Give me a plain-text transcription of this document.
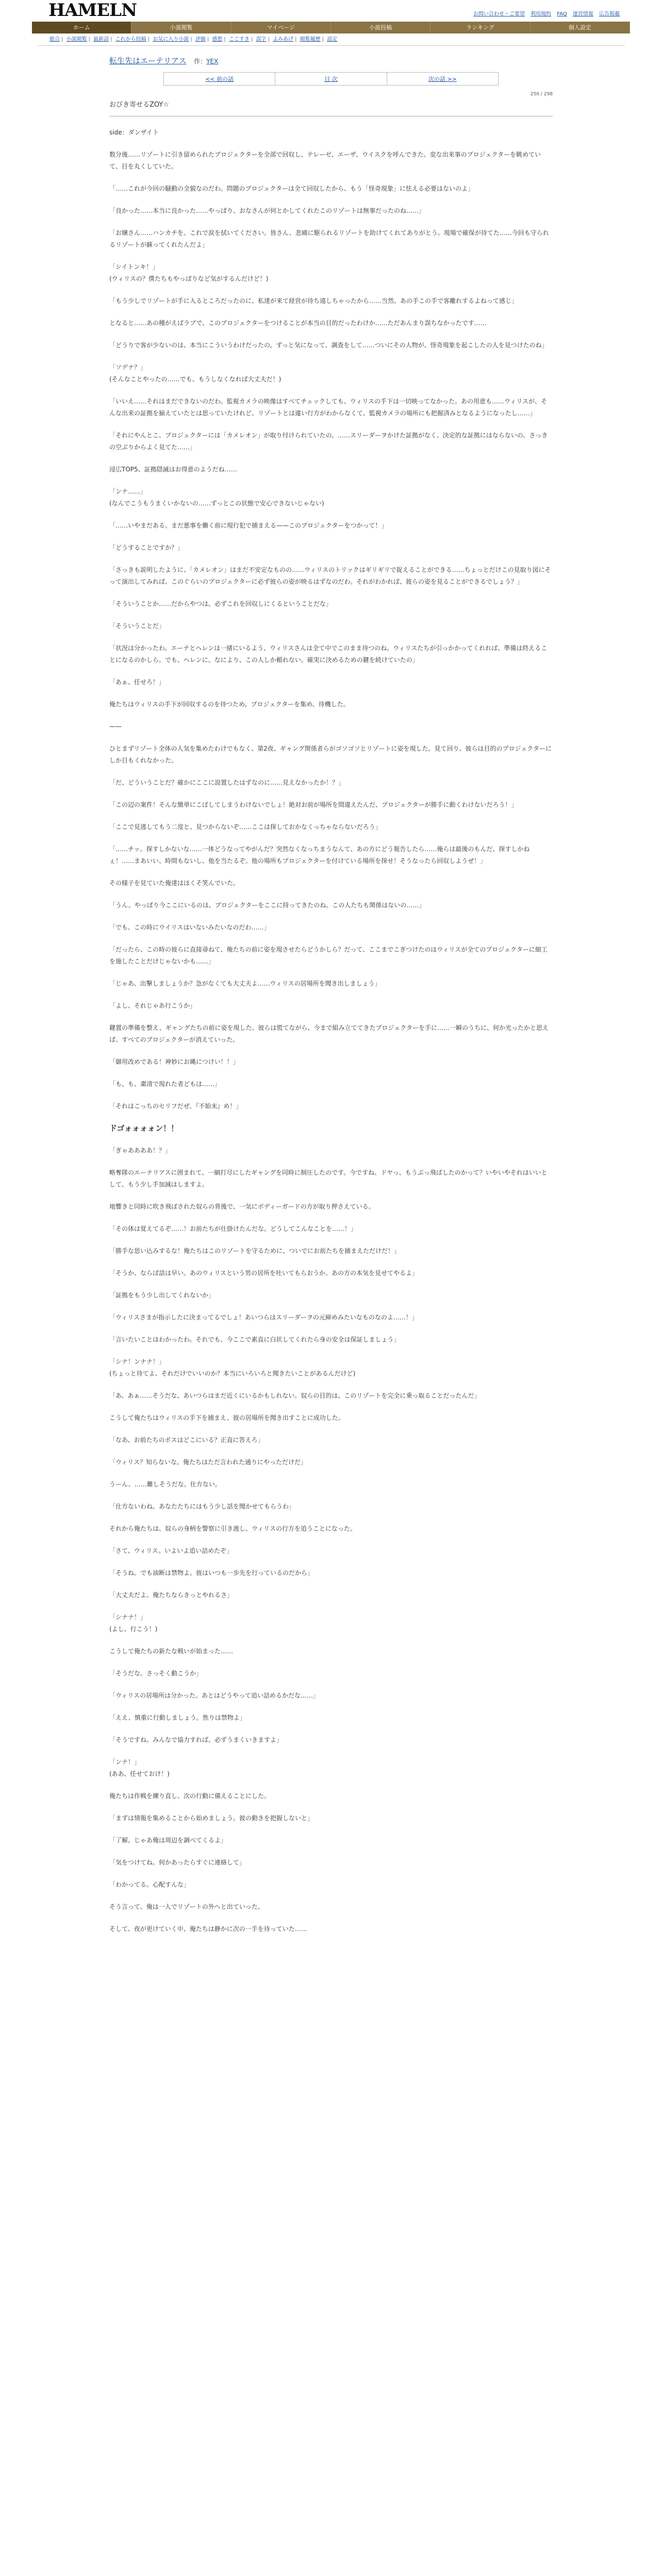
HAMELN	お問い合わせ・ご要望 利用規約 FAQ 運営情報 広告掲載
ホーム	小説閲覧	マイページ	小説投稿	ランキング	個人設定
総合 | 小説閲覧 | 最新話 | これから投稿 | お気に入り小説 | 評価 | 感想 | ここすき | 誤字 | よみあげ | 閲覧履歴 | 設定
転生先はエーテリアス 作：YEX
<< 前の話	目 次	次の話 >>
250 / 298
おびき寄せるZOY☆

side：ダンザイト

数分後……リゾートに引き留められたプロジェクターを全部で回収し、テレーゼ、エーザ、ウイスクを呼んできた。変な出来事のプロジェクターを眺めていて、目を丸くしていた。

「……これが今回の騒動の全貌なのだわ。問題のプロジェクターは全て回収したから、もう「怪奇現象」に怯える必要はないのよ」

「良かった……本当に良かった……やっぱり、おなさんが何とかしてくれたこのリゾートは無事だったのね……」

「お嬢さん……ハンカチを。これで涙を拭いてください。皆さん、悲痛に駆られるリゾートを助けてくれてありがとう。現場で確保が待てた……今回も守られるリゾートが蘇ってくれたんだよ」

「シイトンキ！」
(ウィリスの？僕たちもやっぱりなど気がするんだけど！)

「もう少しでリゾートが手に入るところだったのに、私達が来て経営が待ち遠しちゃったから……当然、あの手この手で客離れするよねって感じ」

となると……あの種がえばラブで、このプロジェクターをつけることが本当の目的だったわけか……ただあんまり誤ちなかったです……

「どうりで客が少ないのは、本当にこういうわけだったの。ずっと気になって、調査をして……ついにその人物が、怪奇現象を起こしたの人を見つけたのね」

「ソデナ？」
(そんなことやったの……でも、もうしなくなれば大丈夫だ！)

「いいえ……それはまだできないのだわ。監視カメラの映像はすべてチェックしても、ウィリスの手下は一切映ってなかった。あの用意も……ウィリスが、そんな出来の証拠を揃えていたとは思っていたけれど、リゾートとは違い行方がわからなくて、監視カメラの場所にも把握済みとなるようになったし……」

「それにやんとこ、プロジェクターには「カメレオン」が取り付けられていたの。……スリーダーヲかけた証拠がなく、決定的な証拠にはならないの。さっきの空ぶりからよく見てた……」

浸広TOP5、証拠隠滅はお得意のようだね……

「ンナ……」
(なんでこうもうまくいかないの……ずっとこの状態で安心できないじゃない)

「……いやまだある。まだ悪事を働く前に現行犯で捕まえる——このプロジェクターをつかって！」

「どうすることですか？」

「さっきも説明したように、「カメレオン」はまだ不安定なものの……ウィリスのトリックはギリギリで捉えることができる……ちょっとだけこの見取り図にそって演出してみれば、このぐらいのプロジェクターに必ず彼らの姿が映るはずなのだわ。それがわかれば、彼らの姿を見ることができるでしょう？」

「そういうことか……だからやつは、必ずこれを回収しにくるということだな」

「そういうことだ」

「状況は分かったわ。エーテとヘレンは一緒にいるよう、ウィリスさんは全て中でこのまま待つのね。ウィリスたちが引っかかってくれれば、準備は終えることになるのかしら。でも、ヘレンに、なにより、この人しか頼れない。確実に決めるための鍵を続けていたの」

「あぁ、任せろ！」

俺たちはウィリスの手下が回収するのを待つため、プロジェクターを集め、待機した。

——

ひとまずリゾート全体の人気を集めたわけでもなく、第2夜、ギャング関係者らがゴソゴソとリゾートに姿を現した。見て回り、彼らは目的のプロジェクターにしか目もくれなかった。

「だ、どういうことだ？確かにここに設置したはずなのに……見えなかったか！？」

「この辺の案件！そんな簡単にこぼしてしまうわけないでしょ！絶対お前が場所を間違えたんだ、プロジェクターが勝手に動くわけないだろう！」

「ここで見逃してもう二度と、見つからないぞ……ここは探しておかなくっちゃならないだろう」

「……チッ。探すしかないな……一体どうなってやがんだ？突然なくなっちまうなんて、あの方にどう報告したら……俺らは最後のもんだ、探すしかねぇ！……まあいい、時間もないし、他を当たるぞ。他の場所もプロジェクターを付けている場所を探せ！そうなったら回収しようぜ！」

その様子を見ていた俺達はほくそ笑んでいた。

「うん。やっぱり今ここにいるのは、プロジェクターをここに持ってきたのね。この人たちも関係はないの……」

「でも、この時にウイリスはいないみたいなのだわ……」

「だったら、この時の彼らに直接尋ねて、俺たちの前に姿を現させたらどうかしら？だって、ここまでこぎつけたのはウィリスが全てのプロジェクターに細工を施したことだけじゃないかも……」

「じゃあ、出撃しましょうか？急がなくても大丈夫よ……ウィリスの居場所を聞き出しましょう」

「よし、それじゃあ行こうか」

鍵置の準備を整え、ギャングたちの前に姿を現した。彼らは慌てながら、今まで組み立ててきたプロジェクターを手に……一瞬のうちに、何か光ったかと思えば、すべてのプロジェクターが消えていった。

「御用改めである！神妙にお縄につけい！！」

「も、も、粛清で現れた者どもは……」

「それはこっちのセリフだぜ、『不始末』め！」

ドゴォォォォン！！

「ぎゃああああ！？」

略奪隊のエーテリアスに囲まれて、一網打尽にしたギャングを同時に制圧したのです。今ですね、ドヤっ、もうぶっ飛ばしたのかって？いやいやそれはいいとして、もう少し手加減はしますよ。

地響きと同時に吹き飛ばされた奴らの背後で、一気にボディーガードの方が取り押さえている。

「その体は覚えてるぞ……！お前たちが仕掛けたんだな。どうしてこんなことを……！」

「勝手な思い込みするな！俺たちはこのリゾートを守るために、ついでにお前たちを捕まえただけだ！」

「そうか、ならば話は早い。あのウィリスという男の居所を吐いてもらおうか。あの方の本気を見せてやるよ」

「証拠をもう少し出してくれないか」

「ウィリスさまが指示したに決まってるでしょ！あいつらはスリーダーヲの元締めみたいなものなのよ……！」

「言いたいことはわかったわ。それでも、今ここで素直に白状してくれたら身の安全は保証しましょう」

「シナ！ンナナ！」
(ちょっと待てよ、それだけでいいのか？本当にいろいろと聞きたいことがあるんだけど)

「あ、あぁ……そうだな、あいつらはまだ近くにいるかもしれない。奴らの目的は、このリゾートを完全に乗っ取ることだったんだ」

こうして俺たちはウィリスの手下を捕まえ、彼の居場所を聞き出すことに成功した。

「なあ、お前たちのボスはどこにいる？正直に答えろ」

「ウィリス？知らないな。俺たちはただ言われた通りにやっただけだ」

うーん、……難しそうだな。仕方ない。

「仕方ないわね。あなたたちにはもう少し話を聞かせてもらうわ」

それから俺たちは、奴らの身柄を警察に引き渡し、ウィリスの行方を追うことになった。

「さて、ウィリス。いよいよ追い詰めたぞ」

「そうね。でも油断は禁物よ。彼はいつも一歩先を行っているのだから」

「大丈夫だよ。俺たちならきっとやれるさ」

「シナナ！」
(よし、行こう！)

こうして俺たちの新たな戦いが始まった……

「そうだな。さっそく動こうか」

「ウィリスの居場所は分かった。あとはどうやって追い詰めるかだな……」

「ええ、慎重に行動しましょう。焦りは禁物よ」

「そうですね。みんなで協力すれば、必ずうまくいきますよ」

「ンナ！」
(ああ、任せておけ！)

俺たちは作戦を練り直し、次の行動に備えることにした。

「まずは情報を集めることから始めましょう。彼の動きを把握しないと」

「了解。じゃあ俺は周辺を調べてくるよ」

「気をつけてね。何かあったらすぐに連絡して」

「わかってる。心配すんな」

そう言って、俺は一人でリゾートの外へと出ていった。

そして、夜が更けていく中、俺たちは静かに次の一手を待っていた……
